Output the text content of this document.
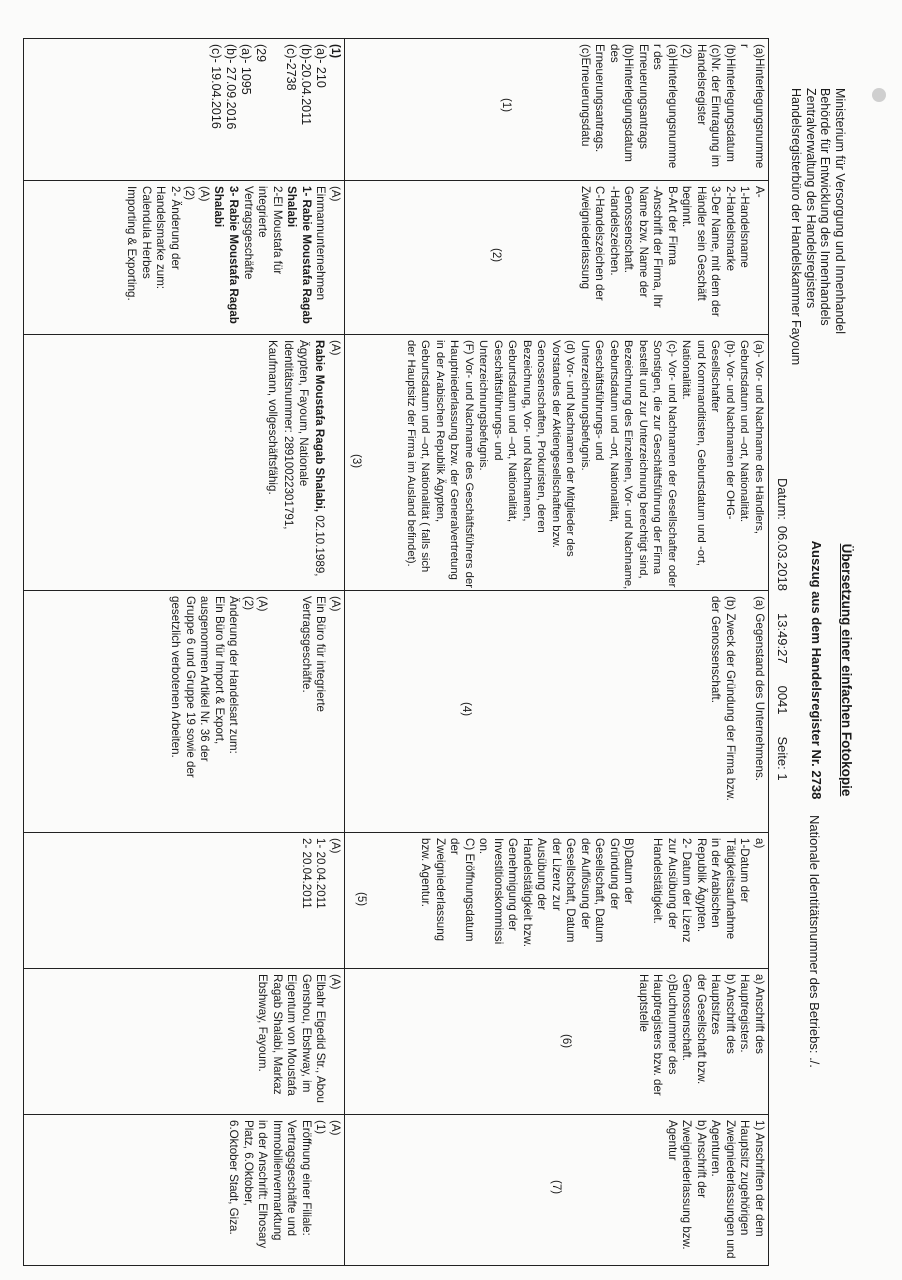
Ministerium für Versorgung und Innenhandel
Behörde für Entwicklung des Innenhandels
Zentralverwaltung des Handelsregisters
Handelsregisterbüro der Handelskammer Fayoum
Übersetzung einer einfachen Fotokopie
Auszug aus dem Handelsregister Nr. 2738
Datum:06.03.201813:49:270041Seite: 1
Nationale Identitätsnummer des Betriebs: ./.
(a)Hinterlegungsnumme
r
(b)Hinterlegungsdatum
(c)Nr. der Eintragung im
Handelsregister
(2)
(a)Hinterlegungsnumme
r des
Erneuerungsantrags
(b)Hinterlegungsdatum
des
Erneuerungsantrags.
(c)Erneuerungsdatu
(1)
(1)
(a)- 210
(b)-20.04.2011
(c)-2738

(29
(a)- 1095
(b)- 27.09.2016
(c)- 19.04.2016
A-
1-Handelsname
2-Handelsmarke
3-Der Name, mit dem der
Händler sein Geschäft
beginnt.
B-Art der Firma
-Anschrift der Firma, Ihr
Name bzw. Name der
Genossenschaft.
-Handelszeichen.
C-Handelszeichen der
Zweigniederlassung
(2)
(A)
Einmannunternehmen
1- Rabie Moustafa Ragab
Shalabi
2-El Moustafa für
integrierte
Vertragsgeschäfte
3- Rabie Moustafa Ragab
Shalabi
(A)
(2)
2- Änderung der
Handelsmarke zum:
Calendula Herbes
Importing & Exporting.
(a)- Vor- und Nachname des Händlers,
Geburtsdatum und –ort, Nationalität.
(b)- Vor- und Nachnamen der OHG-Gesellschafter
und Kommanditisten, Geburtsdatum und -ort,
Nationalität.
(c)- Vor- und Nachnamen der Gesellschafter oder
Sonstigen, die zur Geschäftsführung der Firma
bestellt und zur Unterzeichnung berechtigt sind,
Bezeichnung des Einzelnen, Vor- und Nachname,
Geburtsdatum und –ort, Nationalität,
Geschäftsführungs- und Unterzeichnungsbefugnis.
(d) Vor- und Nachnamen der Mitglieder des
Vorstandes der Aktiengesellschaften bzw.
Genossenschaften, Prokuristen, deren
Bezeichnung, Vor- und Nachnamen,
Geburtsdatum und –ort, Nationalität,
Geschäftsführungs- und Unterzeichnungsbefugnis.
(F) Vor- und Nachname des Geschäftsführers der
Hauptniederlassung bzw. der Generalvertretung
in der Arabischen Republik Ägypten,
Geburtsdatum und –ort, Nationalität ( falls sich
der Hauptsitz der Firma im Ausland befindet).
(3)
(A)
Rabie Moustafa Ragab Shalabi, 02.10.1989,
Ägypten, Fayoum, Nationale
Identitätsnummer: 28910022301791,
Kaufmann, vollgeschäftsfähig.
(a) Gegenstand des Unternehmens.

(b) Zweck der Gründung der Firma bzw.
der Genossenschaft.
(4)
(A)
Ein Büro für integrierte
Vertragsgeschäfte.

(A)
(2)
Änderung der Handelsart zum:
Ein Büro für Import & Export,
ausgenommen Artikel Nr. 36 der
Gruppe 6 und Gruppe 19 sowie der
gesetzlich verbotenen Arbeiten.
a)
1-Datum der
Tätigkeitsaufnahme
in der Arabischen
Republik Ägypten.
2- Datum der Lizenz
zur Ausübung der
Handelstätigkeit.

B)Datum der
Gründung der
Gesellschaft, Datum
der Auflösung der
Gesellschaft, Datum
der Lizenz zur
Ausübung der
Handelstätigkeit bzw.
Genehmigung der
Investitionskommissi
on.
C) Eröffnungsdatum
der
Zweigniederlassung
bzw. Agentur.
(5)
(A)
1- 20.04.2011
2- 20.04.2011
a) Anschrift des
Hauptregisters.
b) Anschrift des Hauptsitzes
der Gesellschaft bzw.
Genossenschaft.
c)Buchnummer des
Hauptregisters bzw. der
Hauptstelle
(6)
(A)
Elbahr Elgedid Str., Abou
Genshou, Ebshway, im
Eigentum von Moustafa
Ragab Shalabi, Markaz
Ebshway, Fayoum.
1) Anschriften der dem
Hauptsitz zugehörigen
Zweigniederlassungen und
Agenturen.
b) Anschrift der
Zweigniederlassung bzw.
Agentur
(7)
(A)
(1)
Eröffnung einer Filiale:
Vertragsgeschäfte und
Immobilienvermarktung
in der Anschrift: Elhosary
Platz, 6.Oktober,
6.Oktober Stadt, Giza.
